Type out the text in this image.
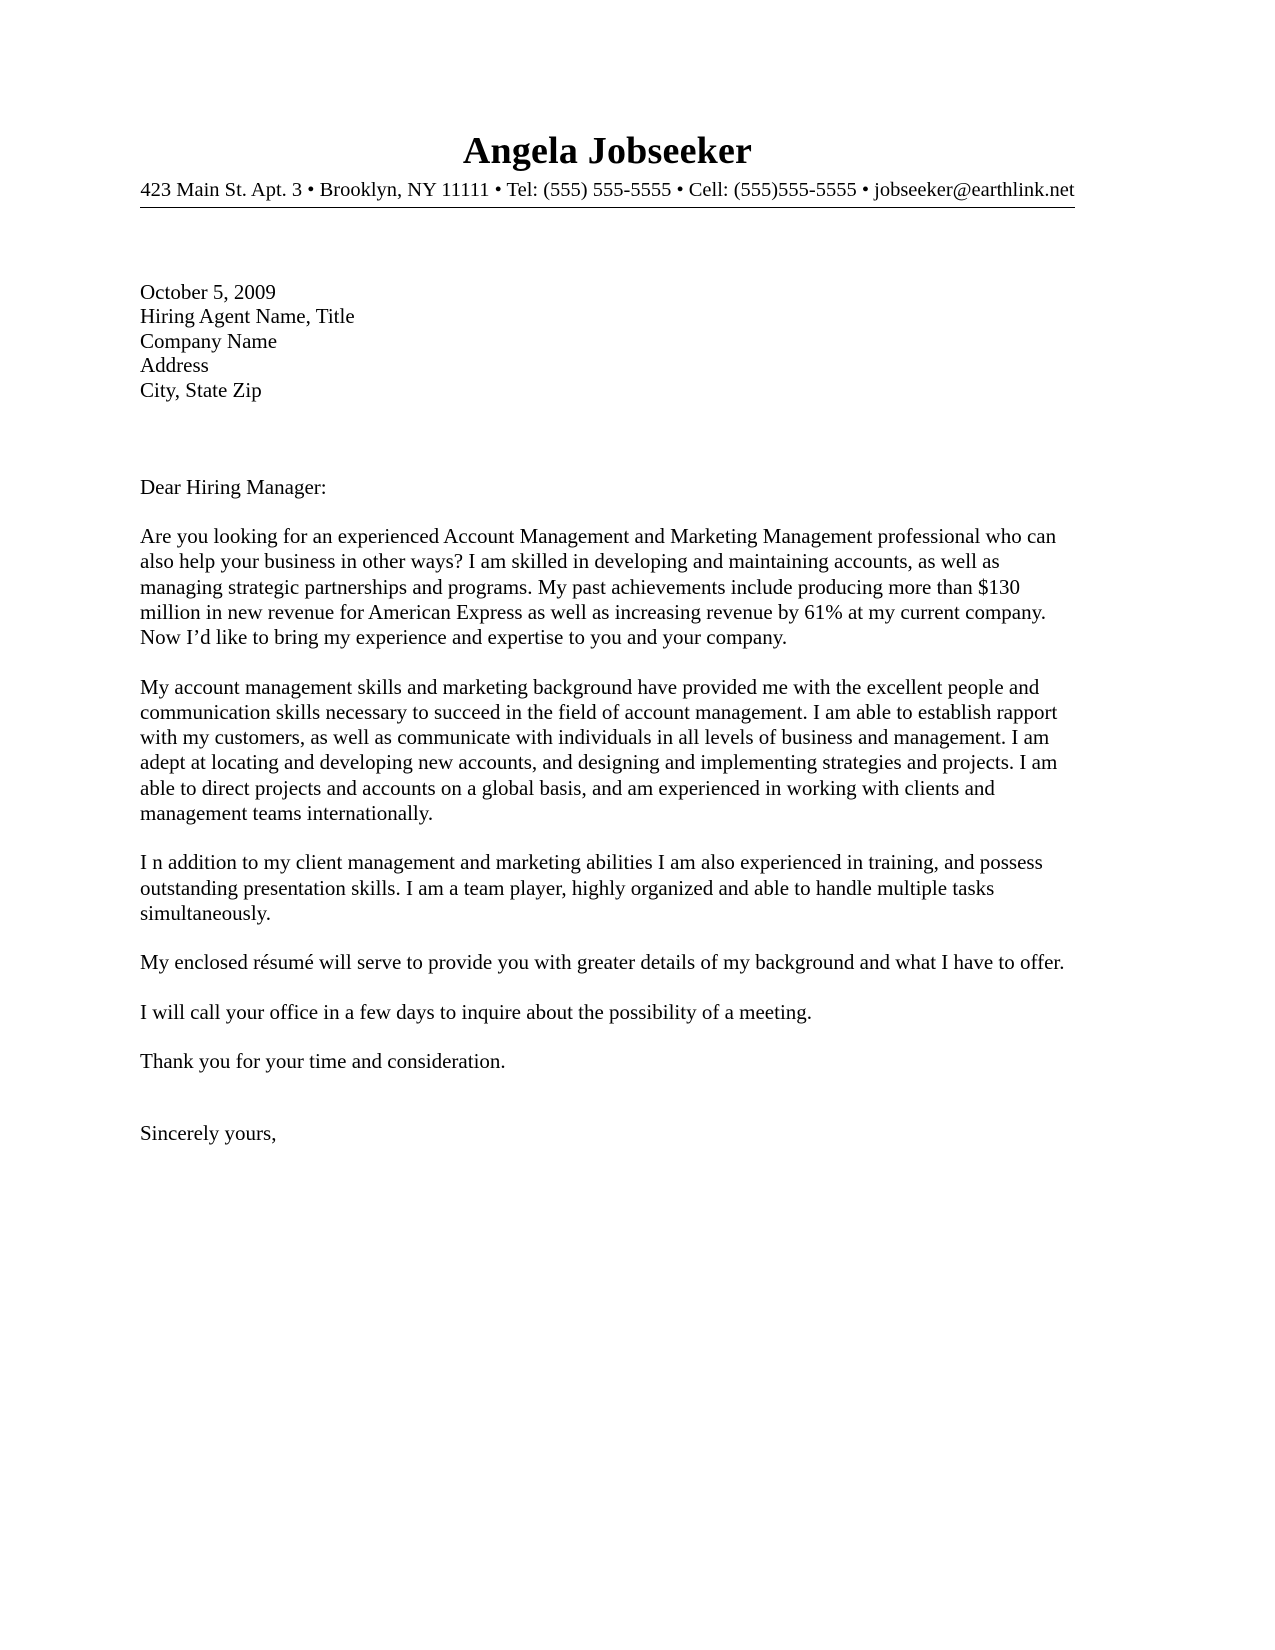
Angela Jobseeker
423 Main St. Apt. 3 • Brooklyn, NY 11111 • Tel: (555) 555-5555 • Cell: (555)555-5555 • jobseeker@earthlink.net
October 5, 2009
Hiring Agent Name, Title
Company Name
Address
City, State Zip
Dear Hiring Manager:

Are you looking for an experienced Account Management and Marketing Management professional who can also help your business in other ways? I am skilled in developing and maintaining accounts, as well as managing strategic partnerships and programs. My past achievements include producing more than $130 million in new revenue for American Express as well as increasing revenue by 61% at my current company. Now I’d like to bring my experience and expertise to you and your company.

My account management skills and marketing background have provided me with the excellent people and communication skills necessary to succeed in the field of account management. I am able to establish rapport with my customers, as well as communicate with individuals in all levels of business and management. I am adept at locating and developing new accounts, and designing and implementing strategies and projects. I am able to direct projects and accounts on a global basis, and am experienced in working with clients and management teams internationally.

I n addition to my client management and marketing abilities I am also experienced in training, and possess outstanding presentation skills. I am a team player, highly organized and able to handle multiple tasks simultaneously.

My enclosed résumé will serve to provide you with greater details of my background and what I have to offer.

I will call your office in a few days to inquire about the possibility of a meeting.

Thank you for your time and consideration.

Sincerely yours,
